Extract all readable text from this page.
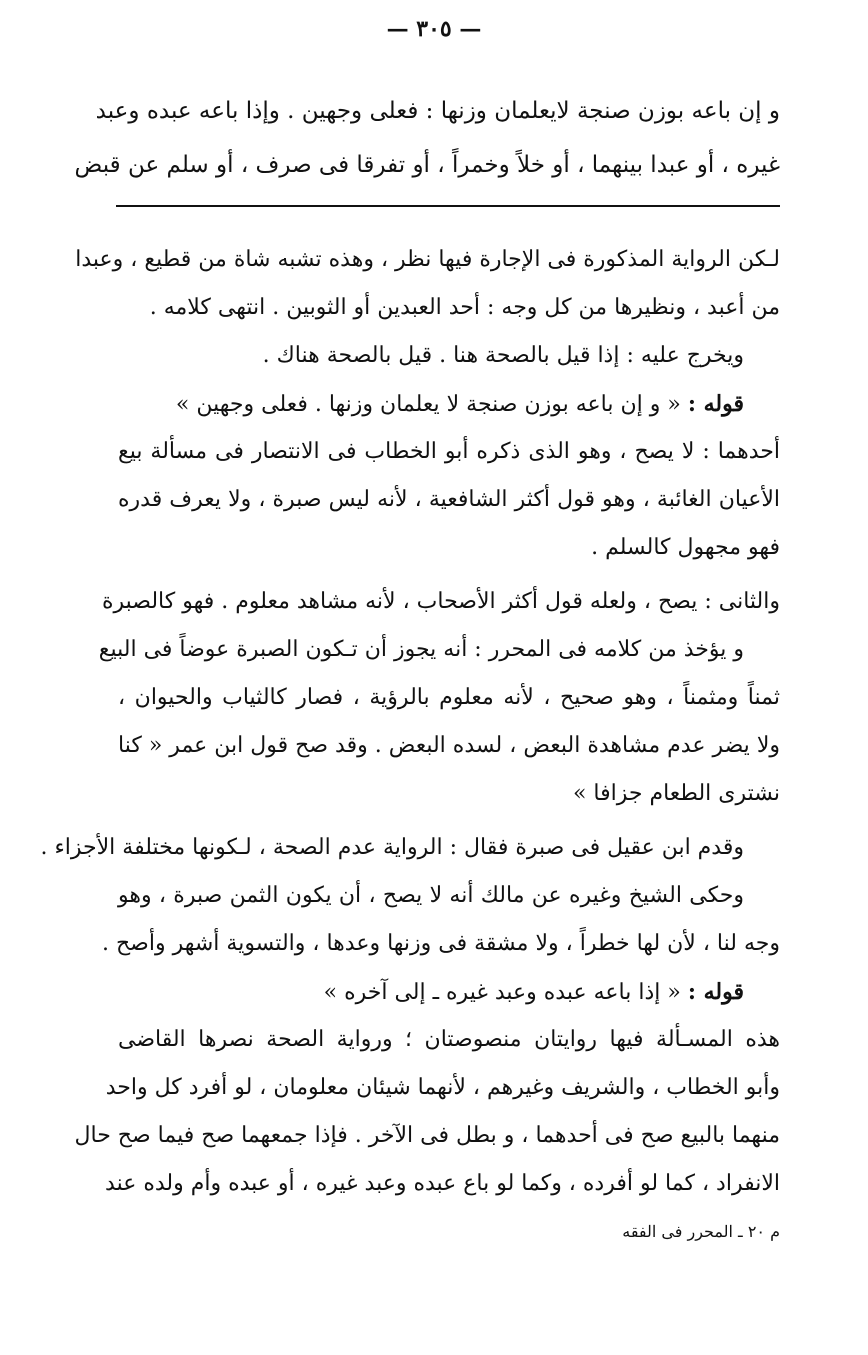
— ٣٠٥ —
و إن باعه بوزن صنجة لايعلمان وزنها : فعلى وجهين . وإذا باعه عبده وعبد
غيره ، أو عبدا بينهما ، أو خلاً وخمراً ، أو تفرقا فى صرف ، أو سلم عن قبض
لـكن الرواية المذكورة فى الإجارة فيها نظر ، وهذه تشبه شاة من قطيع ، وعبدا
من أعبد ، ونظيرها من كل وجه : أحد العبدين أو الثوبين . انتهى كلامه .
ويخرج عليه : إذا قيل بالصحة هنا . قيل بالصحة هناك .
قوله : « و إن باعه بوزن صنجة لا يعلمان وزنها . فعلى وجهين »
أحدهما : لا يصح ، وهو الذى ذكره أبو الخطاب فى الانتصار فى مسألة بيع
الأعيان الغائبة ، وهو قول أكثر الشافعية ، لأنه ليس صبرة ، ولا يعرف قدره
فهو مجهول كالسلم .
والثانى : يصح ، ولعله قول أكثر الأصحاب ، لأنه مشاهد معلوم . فهو كالصبرة
و يؤخذ من كلامه فى المحرر : أنه يجوز أن تـكون الصبرة عوضاً فى البيع
ثمناً ومثمناً ، وهو صحيح ، لأنه معلوم بالرؤية ، فصار كالثياب والحيوان ،
ولا يضر عدم مشاهدة البعض ، لسده البعض . وقد صح قول ابن عمر « كنا
نشترى الطعام جزافا »
وقدم ابن عقيل فى صبرة فقال : الرواية عدم الصحة ، لـكونها مختلفة الأجزاء .
وحكى الشيخ وغيره عن مالك أنه لا يصح ، أن يكون الثمن صبرة ، وهو
وجه لنا ، لأن لها خطراً ، ولا مشقة فى وزنها وعدها ، والتسوية أشهر وأصح .
قوله : « إذا باعه عبده وعبد غيره ـ إلى آخره »
هذه المسـألة فيها روايتان منصوصتان ؛ ورواية الصحة نصرها القاضى
وأبو الخطاب ، والشريف وغيرهم ، لأنهما شيئان معلومان ، لو أفرد كل واحد
منهما بالبيع صح فى أحدهما ، و بطل فى الآخر . فإذا جمعهما صح فيما صح حال
الانفراد ، كما لو أفرده ، وكما لو باع عبده وعبد غيره ، أو عبده وأم ولده عند
م ٢٠ ـ المحرر فى الفقه
